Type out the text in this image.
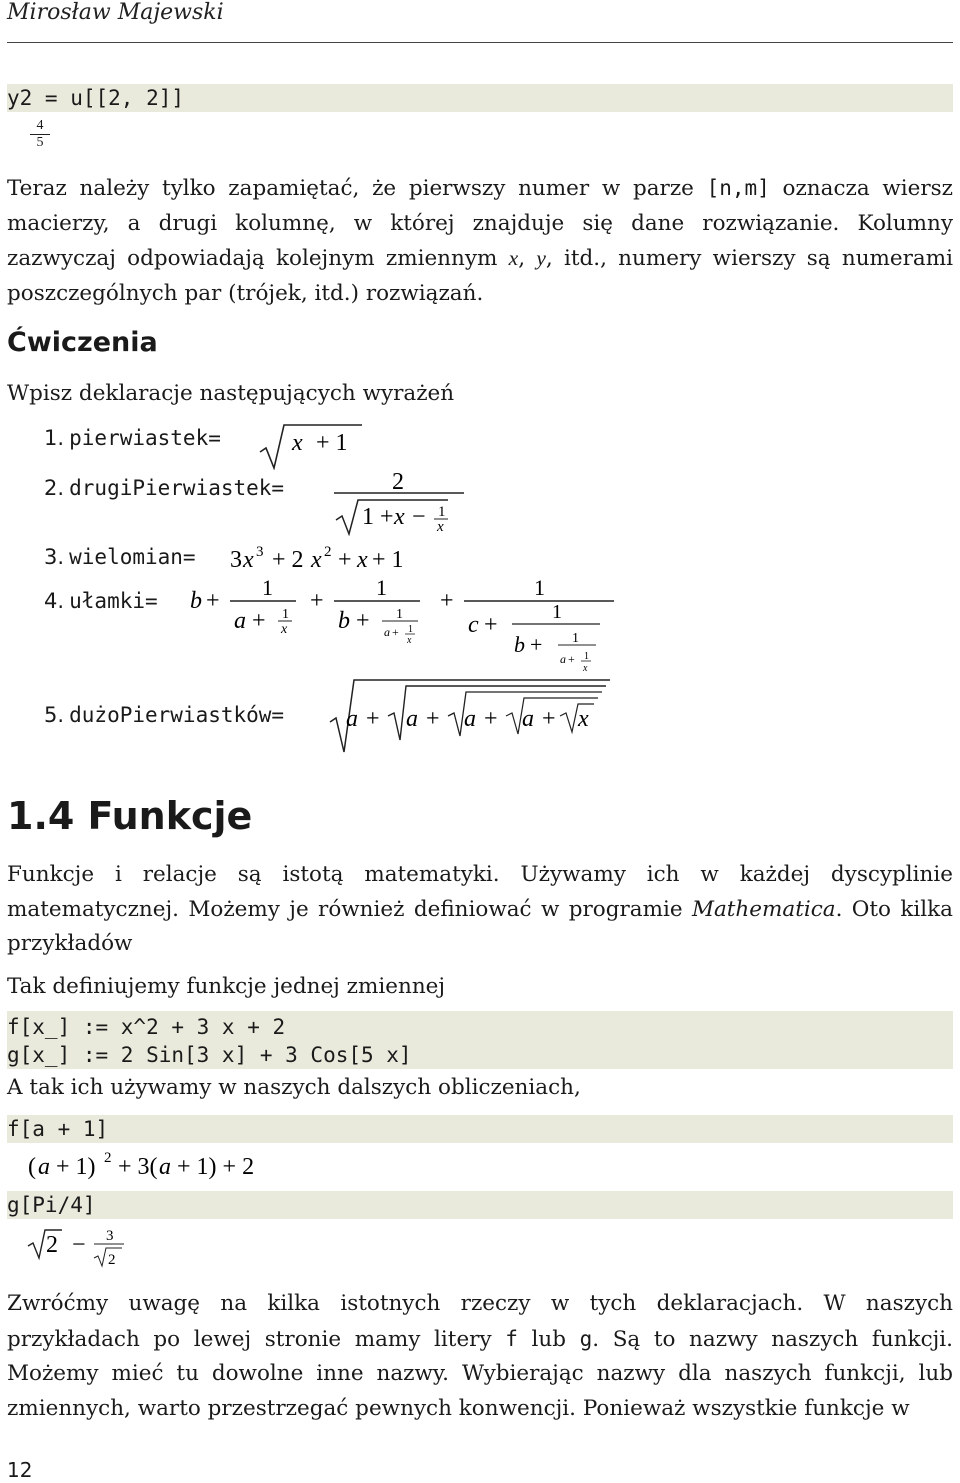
Mirosław Majewski
y2 = u[[2, 2]]
$\frac{4}{5}$
Teraz należy tylko zapamiętać, że pierwszy numer w parze [n,m] oznacza wiersz macierzy, a drugi kolumnę, w której znajduje się dane rozwiązanie. Kolumny zazwyczaj odpowiadają kolejnym zmiennym x, y, itd., numery wierszy są numerami poszczególnych par (trójek, itd.) rozwiązań.
Ćwiczenia
Wpisz deklaracje następujących wyrażeń
1. pierwiastek=	x + 1
2. drugiPierwiastek=	2
1 + x − 1
x
3. wielomian= 3 x 3 + 2 x 2 + x + 1
4. ułamki= b +
1
a + 1
x
+
1
b + 1
a + 1
x
+
1
c +	1
b + 1
a + 1
x
5. dużoPierwiastków=	a + a + a + a + x
1.4 Funkcje
Funkcje i relacje są istotą matematyki. Używamy ich w każdej dyscyplinie matematycznej. Możemy je również definiować w programie Mathematica. Oto kilka przykładów
Tak definiujemy funkcje jednej zmiennej
f[x_] := x^2 + 3 x + 2
g[x_] := 2 Sin[3 x] + 3 Cos[5 x]
A tak ich używamy w naszych dalszych obliczeniach,
f[a + 1]
( a + 1) 2 + 3( a + 1) + 2
g[Pi/4]
2 − 3
2
Zwróćmy uwagę na kilka istotnych rzeczy w tych deklaracjach. W naszych przykładach po lewej stronie mamy litery f lub g. Są to nazwy naszych funkcji. Możemy mieć tu dowolne inne nazwy. Wybierając nazwy dla naszych funkcji, lub zmiennych, warto przestrzegać pewnych konwencji. Ponieważ wszystkie funkcje w
12
